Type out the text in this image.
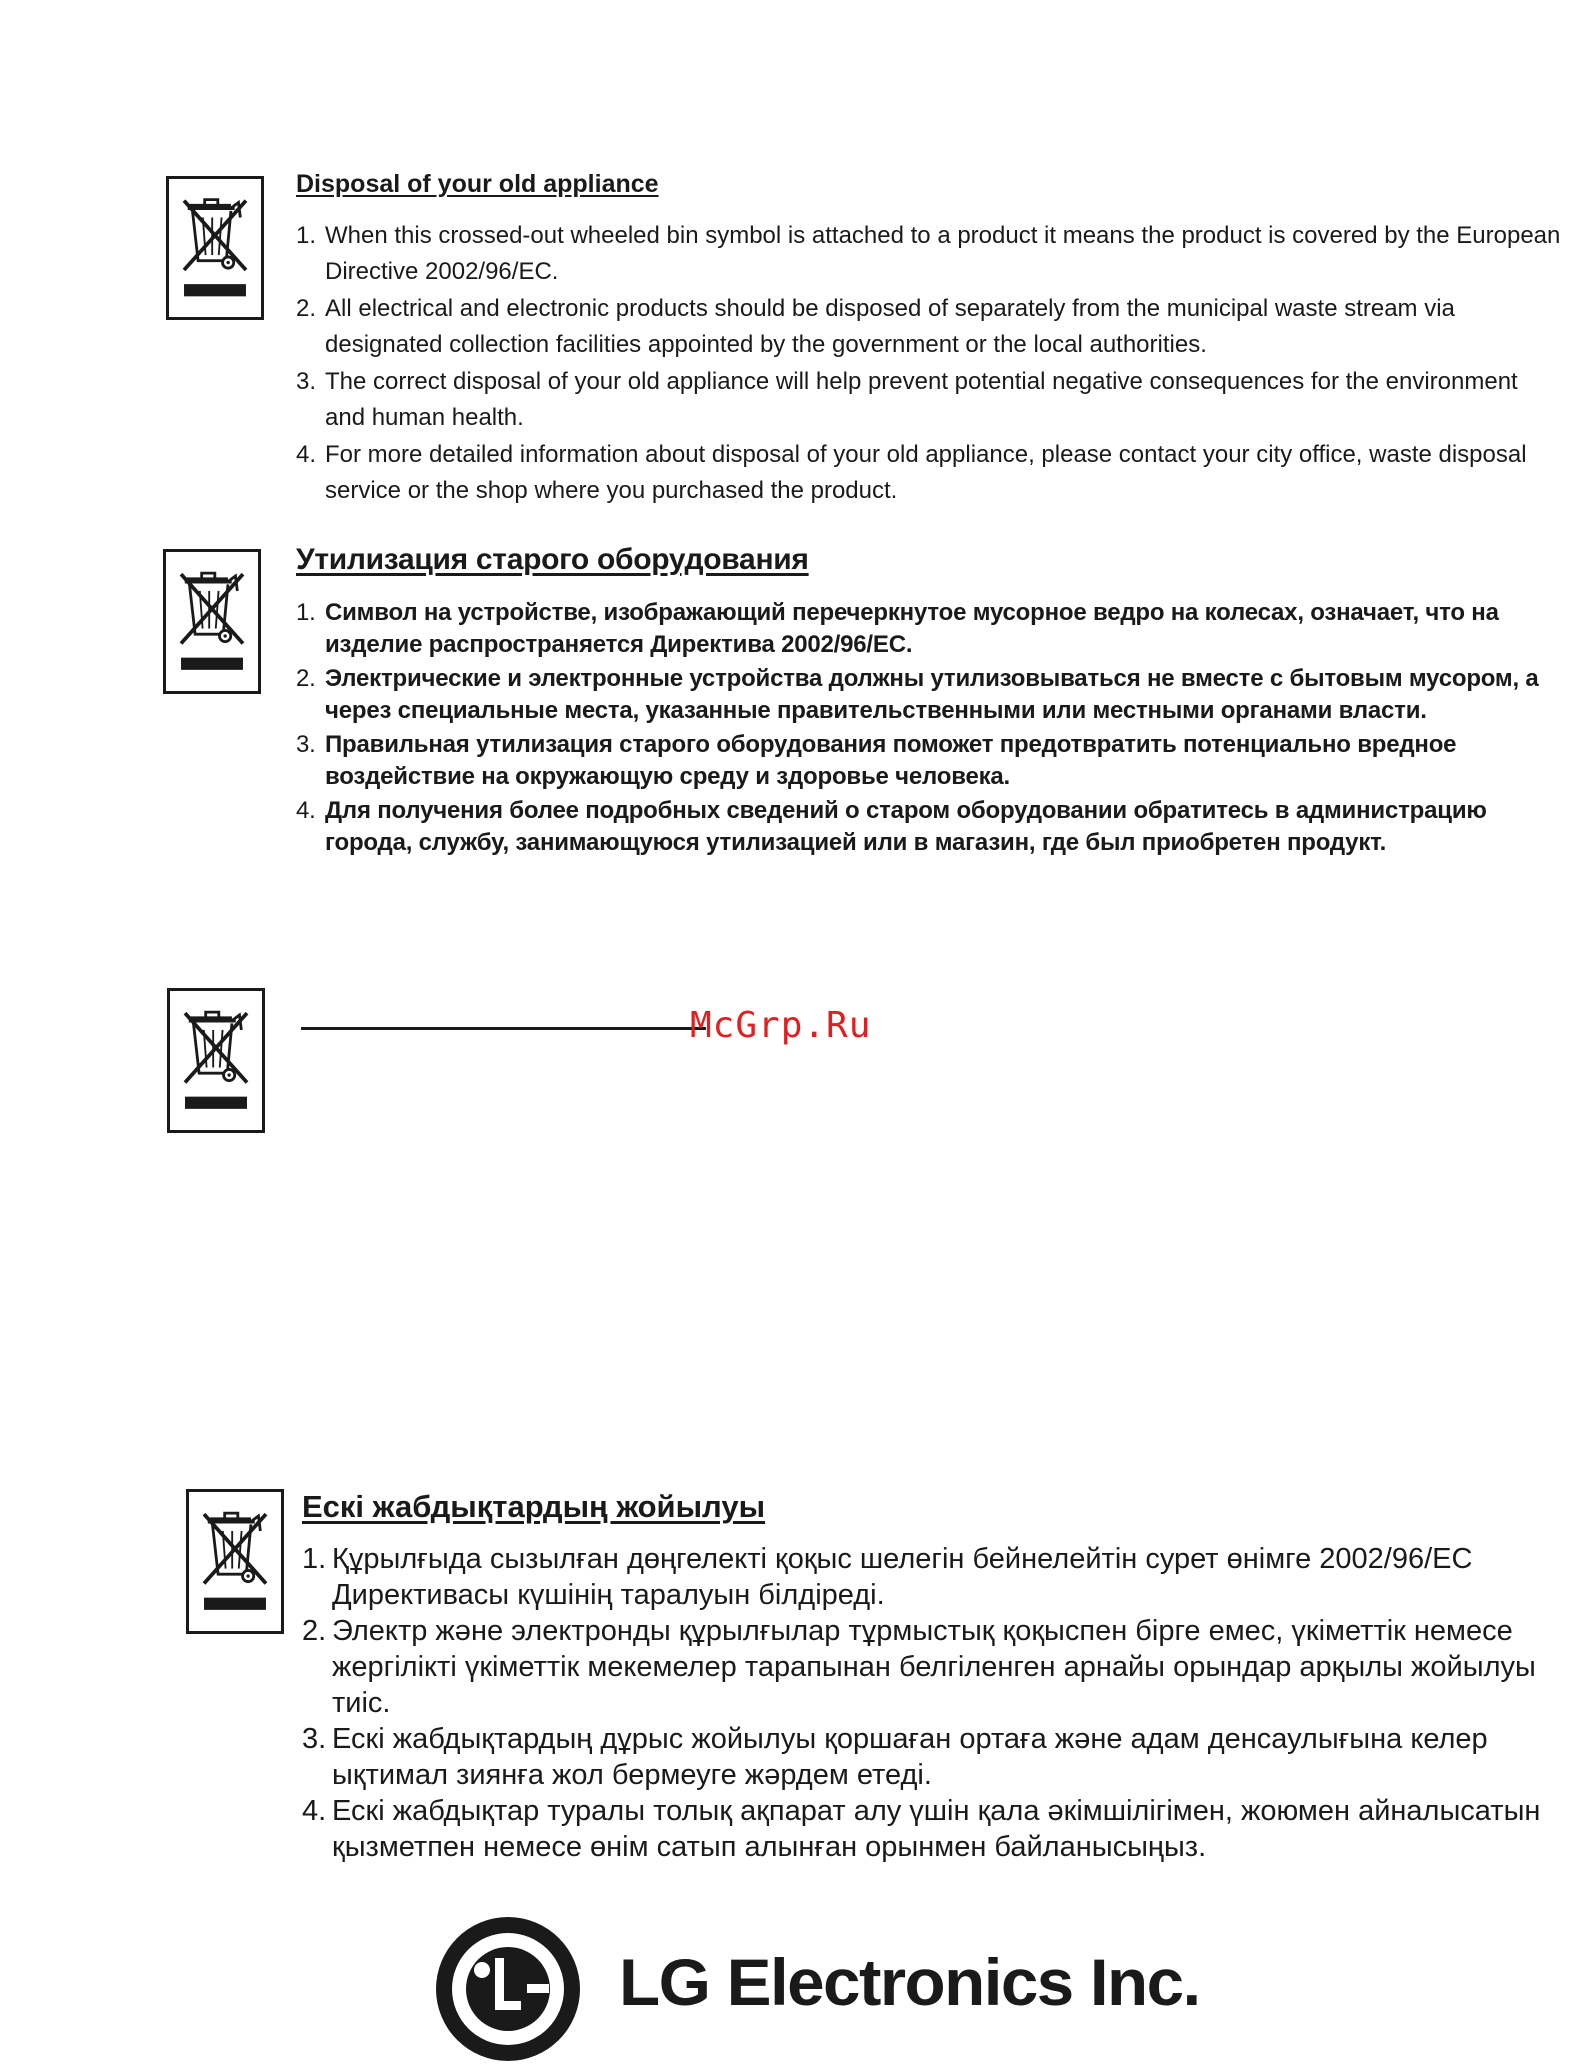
Disposal of your old appliance
1. When this crossed-out wheeled bin symbol is attached to a product it means the product is covered by the European Directive 2002/96/EC.
2. All electrical and electronic products should be disposed of separately from the municipal waste stream via designated collection facilities appointed by the government or the local authorities.
3. The correct disposal of your old appliance will help prevent potential negative consequences for the environment and human health.
4. For more detailed information about disposal of your old appliance, please contact your city office, waste disposal service or the shop where you purchased the product.
Утилизация старого оборудования
1. Символ на устройстве, изображающий перечеркнутое мусорное ведро на колесах, означает, что на изделие распространяется Директива 2002/96/EC.
2. Электрические и электронные устройства должны утилизовываться не вместе с бытовым мусором, а через специальные места, указанные правительственными или местными органами власти.
3. Правильная утилизация старого оборудования поможет предотвратить потенциально вредное воздействие на окружающую среду и здоровье человека.
4. Для получения более подробных сведений о старом оборудовании обратитесь в администрацию города, службу, занимающуюся утилизацией или в магазин, где был приобретен продукт.
McGrp.Ru
Ескі жабдықтардың жойылуы
1. Құрылғыда сызылған дөңгелекті қоқыс шелегін бейнелейтін сурет өнімге 2002/96/EC Директивасы күшінің таралуын білдіреді.
2. Электр және электронды құрылғылар тұрмыстық қоқыспен бірге емес, үкіметтік немесе жергілікті үкіметтік мекемелер тарапынан белгіленген арнайы орындар арқылы жойылуы тиіс.
3. Ескі жабдықтардың дұрыс жойылуы қоршаған ортаға және адам денсаулығына келер ықтимал зиянға жол бермеуге жәрдем етеді.
4. Ескі жабдықтар туралы толық ақпарат алу үшін қала әкімшілігімен, жоюмен айналысатын қызметпен немесе өнім сатып алынған орынмен байланысыңыз.
LG Electronics Inc.
